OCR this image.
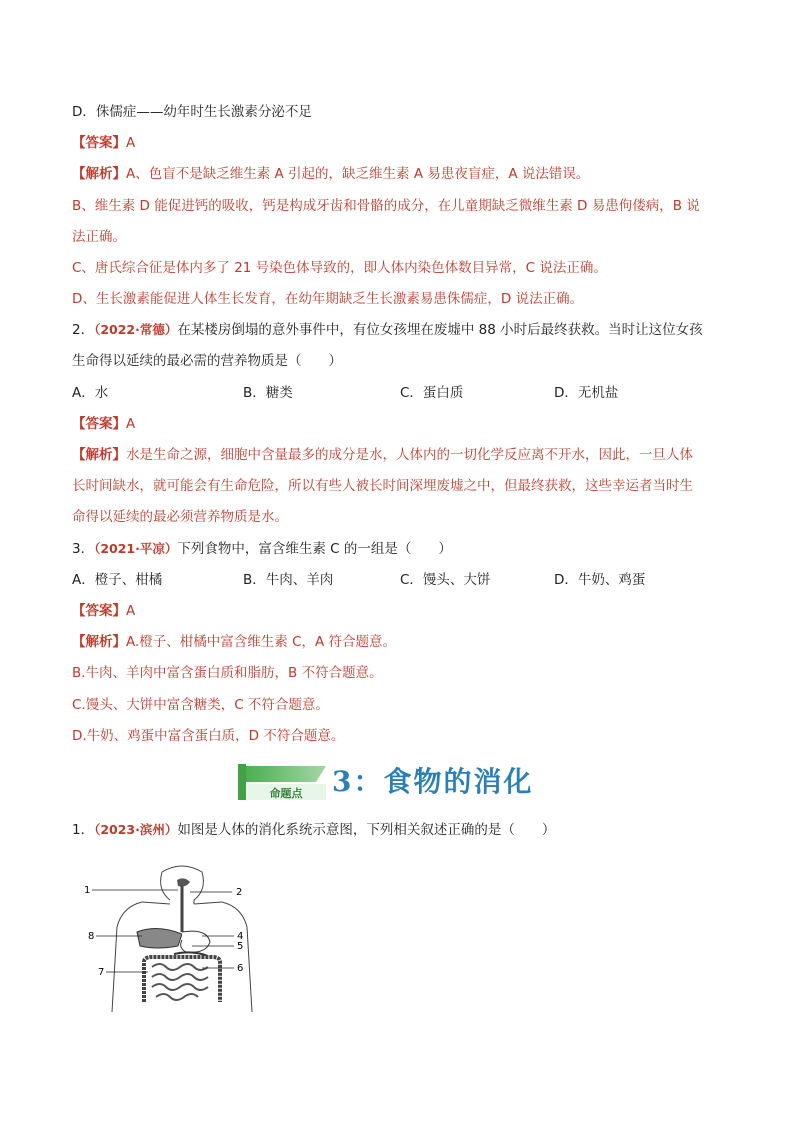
D．侏儒症——幼年时生长激素分泌不足
【答案】A
【解析】A、色盲不是缺乏维生素 A 引起的，缺乏维生素 A 易患夜盲症，A 说法错误。
B、维生素 D 能促进钙的吸收，钙是构成牙齿和骨骼的成分，在儿童期缺乏微维生素 D 易患佝偻病，B 说
法正确。
C、唐氏综合征是体内多了 21 号染色体导致的，即人体内染色体数目异常，C 说法正确。
D、生长激素能促进人体生长发育，在幼年期缺乏生长激素易患侏儒症，D 说法正确。
2．（2022·常德）在某楼房倒塌的意外事件中，有位女孩埋在废墟中 88 小时后最终获救。当时让这位女孩
生命得以延续的最必需的营养物质是（　　）
A．水	B．糖类	C．蛋白质	D．无机盐
【答案】A
【解析】水是生命之源，细胞中含量最多的成分是水，人体内的一切化学反应离不开水，因此，一旦人体
长时间缺水，就可能会有生命危险，所以有些人被长时间深埋废墟之中，但最终获救，这些幸运者当时生
命得以延续的最必须营养物质是水。
3．（2021·平凉）下列食物中，富含维生素 C 的一组是（　　）
A．橙子、柑橘	B．牛肉、羊肉	C．馒头、大饼	D．牛奶、鸡蛋
【答案】A
【解析】A.橙子、柑橘中富含维生素 C，A 符合题意。
B.牛肉、羊肉中富含蛋白质和脂肪，B 不符合题意。
C.馒头、大饼中富含糖类，C 不符合题意。
D.牛奶、鸡蛋中富含蛋白质，D 不符合题意。
命题点 3：食物的消化
1．（2023·滨州）如图是人体的消化系统示意图，下列相关叙述正确的是（　　）
1	2
8	4
5
7	6
